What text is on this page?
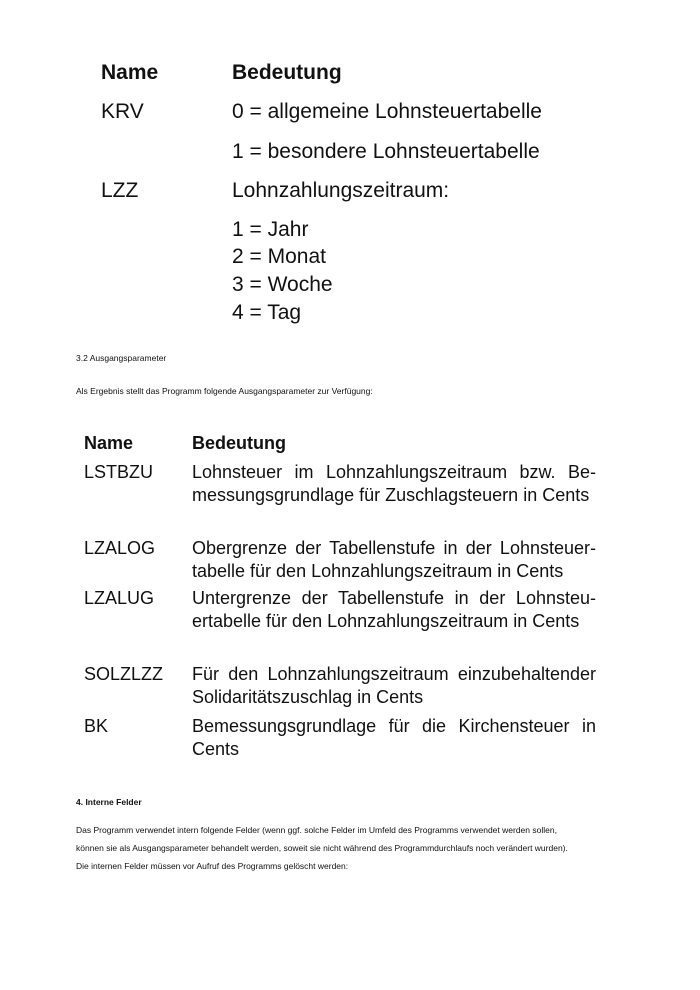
Name	Bedeutung
KRV	0 = allgemeine Lohnsteuertabelle
1 = besondere Lohnsteuertabelle
LZZ	Lohnzahlungszeitraum:
1 = Jahr
2 = Monat
3 = Woche
4 = Tag
3.2 Ausgangsparameter
Als Ergebnis stellt das Programm folgende Ausgangsparameter zur Verfügung:
Name	Bedeutung
LSTBZU Lohnsteuer im Lohnzahlungszeitraum bzw. Bemessungsgrundlage für Zuschlagsteuern in Cents
LZALOG Obergrenze der Tabellenstufe in der Lohnsteuertabelle für den Lohnzahlungszeitraum in Cents
LZALUG Untergrenze der Tabellenstufe in der Lohnsteuertabelle für den Lohnzahlungszeitraum in Cents
SOLZLZZ Für den Lohnzahlungszeitraum einzubehaltender Solidaritätszuschlag in Cents
BK	Bemessungsgrundlage für die Kirchensteuer in Cents
4. Interne Felder
Das Programm verwendet intern folgende Felder (wenn ggf. solche Felder im Umfeld des Programms verwendet werden sollen,
können sie als Ausgangsparameter behandelt werden, soweit sie nicht während des Programmdurchlaufs noch verändert wurden).
Die internen Felder müssen vor Aufruf des Programms gelöscht werden:
